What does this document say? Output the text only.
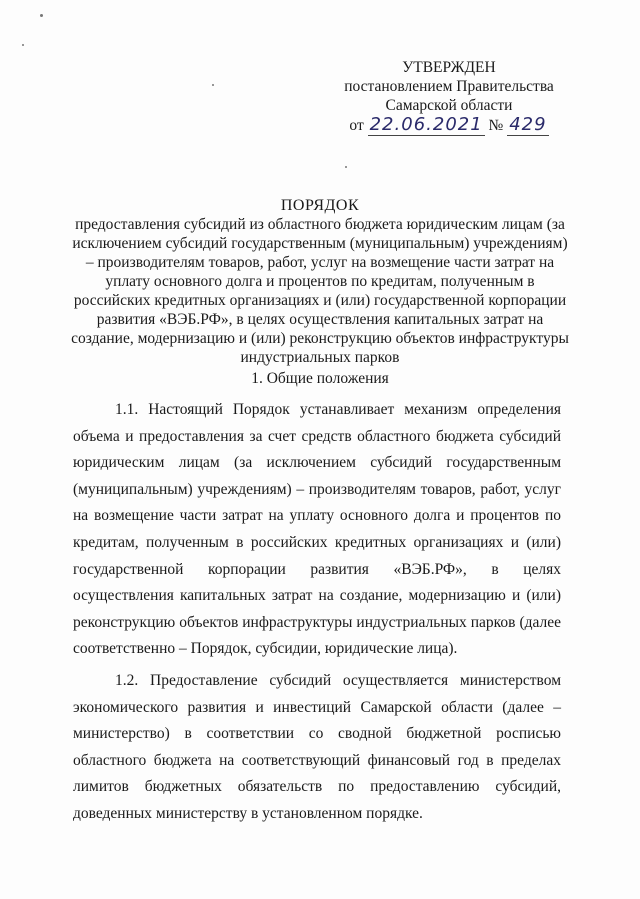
УТВЕРЖДЕН
постановлением Правительства
Самарской области
от 22.06.2021 № 429
ПОРЯДОК
предоставления субсидий из областного бюджета юридическим лицам (за исключением субсидий государственным (муниципальным) учреждениям) – производителям товаров, работ, услуг на возмещение части затрат на уплату основного долга и процентов по кредитам, полученным в российских кредитных организациях и (или) государственной корпорации развития «ВЭБ.РФ», в целях осуществления капитальных затрат на создание, модернизацию и (или) реконструкцию объектов инфраструктуры индустриальных парков
1. Общие положения

1.1. Настоящий Порядок устанавливает механизм определения объема и предоставления за счет средств областного бюджета субсидий юридическим лицам (за исключением субсидий государственным (муниципальным) учреждениям) – производителям товаров, работ, услуг на возмещение части затрат на уплату основного долга и процентов по кредитам, полученным в российских кредитных организациях и (или) государственной корпорации развития «ВЭБ.РФ», в целях осуществления капитальных затрат на создание, модернизацию и (или) реконструкцию объектов инфраструктуры индустриальных парков (далее соответственно – Порядок, субсидии, юридические лица).

1.2. Предоставление субсидий осуществляется министерством экономического развития и инвестиций Самарской области (далее – министерство) в соответствии со сводной бюджетной росписью областного бюджета на соответствующий финансовый год в пределах лимитов бюджетных обязательств по предоставлению субсидий, доведенных министерству в установленном порядке.
